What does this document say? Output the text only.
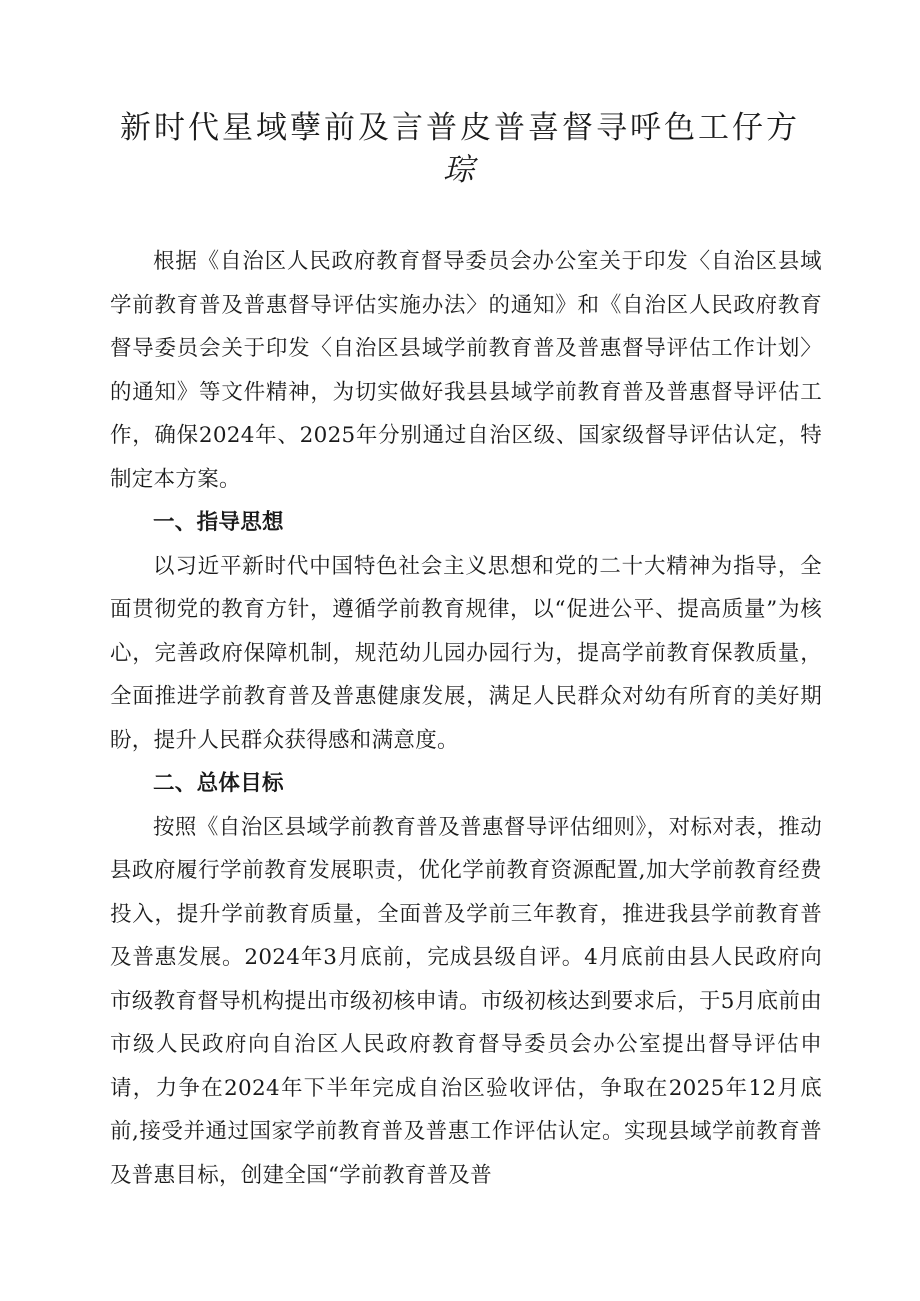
新时代星域孽前及言普皮普喜督寻呼色工仔方
琮

根据《自治区人民政府教育督导委员会办公室关于印发〈自治区县域学前教育普及普惠督导评估实施办法〉的通知》和《自治区人民政府教育督导委员会关于印发〈自治区县域学前教育普及普惠督导评估工作计划〉的通知》等文件精神，为切实做好我县县域学前教育普及普惠督导评估工作，确保2024年、2025年分别通过自治区级、国家级督导评估认定，特制定本方案。

一、指导思想

以习近平新时代中国特色社会主义思想和党的二十大精神为指导，全面贯彻党的教育方针，遵循学前教育规律，以“促进公平、提高质量”为核心，完善政府保障机制，规范幼儿园办园行为，提高学前教育保教质量，全面推进学前教育普及普惠健康发展，满足人民群众对幼有所育的美好期盼，提升人民群众获得感和满意度。

二、总体目标

按照《自治区县域学前教育普及普惠督导评估细则》，对标对表，推动县政府履行学前教育发展职责，优化学前教育资源配置,加大学前教育经费投入，提升学前教育质量，全面普及学前三年教育，推进我县学前教育普及普惠发展。2024年3月底前，完成县级自评。4月底前由县人民政府向市级教育督导机构提出市级初核申请。市级初核达到要求后，于5月底前由市级人民政府向自治区人民政府教育督导委员会办公室提出督导评估申请，力争在2024年下半年完成自治区验收评估，争取在2025年12月底前,接受并通过国家学前教育普及普惠工作评估认定。实现县域学前教育普及普惠目标，创建全国“学前教育普及普
